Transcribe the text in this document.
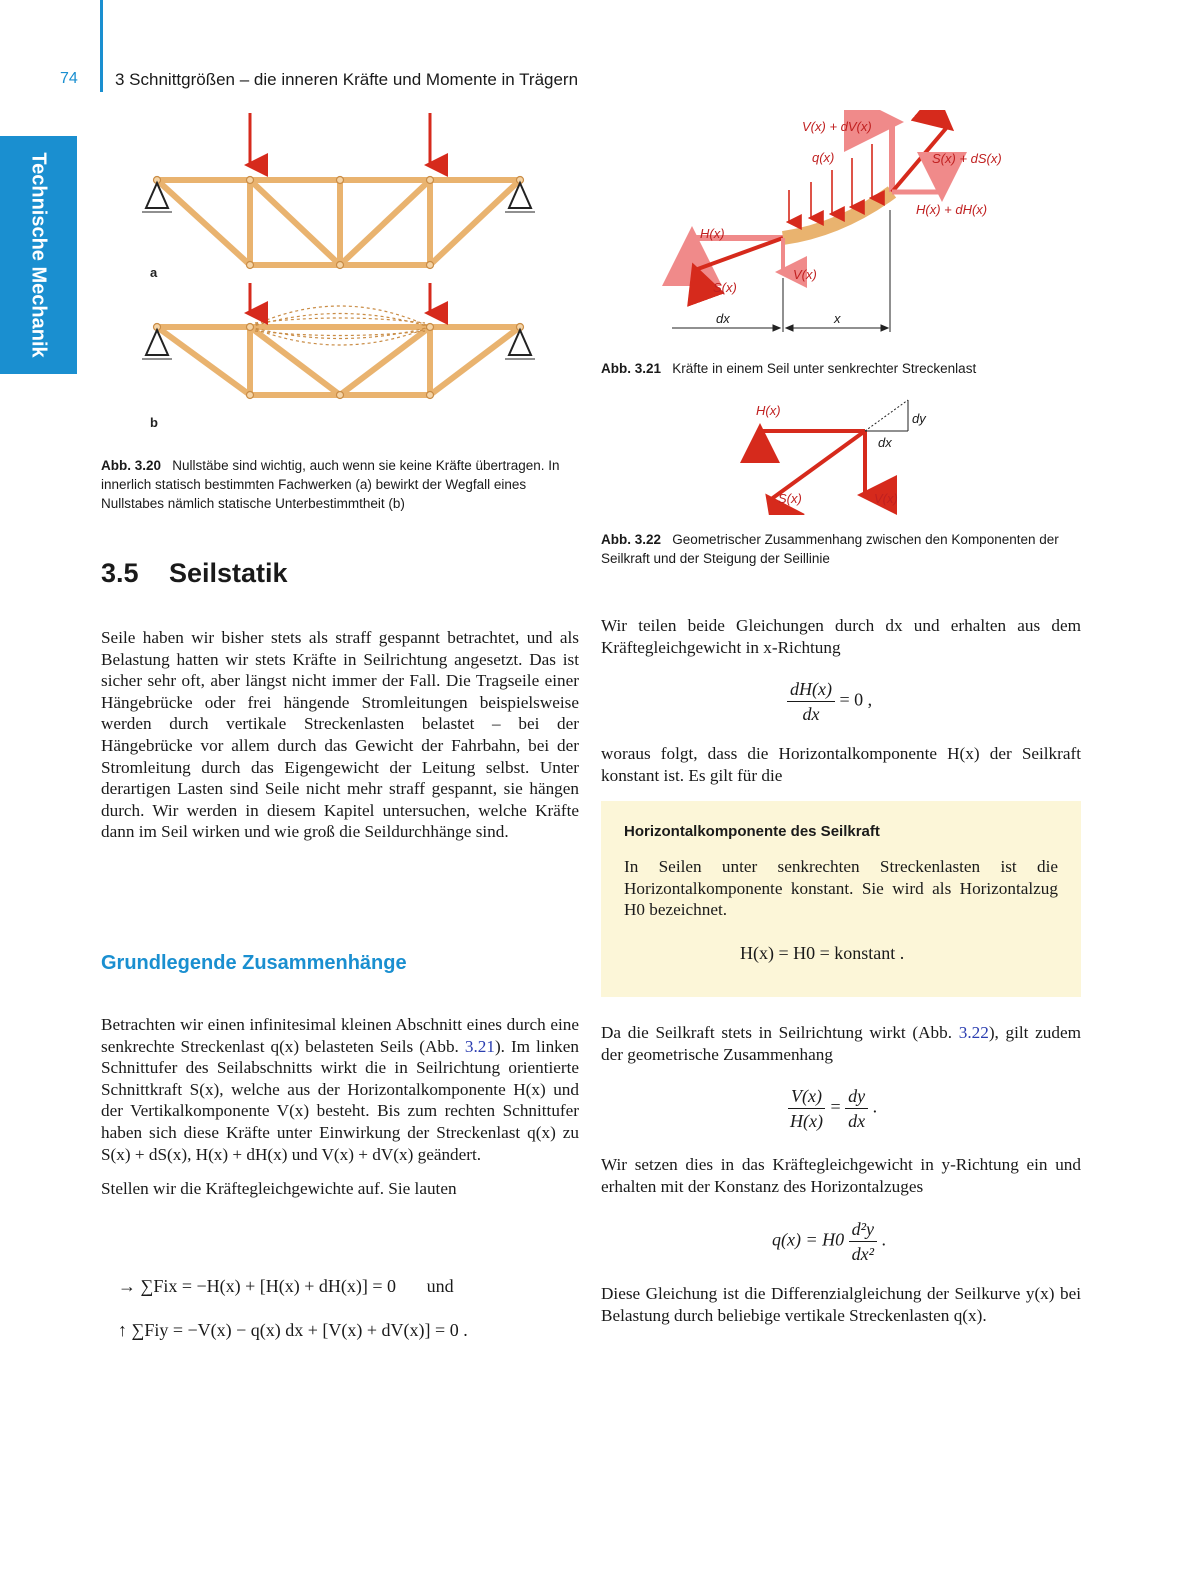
74 3 Schnittgrößen – die inneren Kräfte und Momente in Trägern
Technische Mechanik	a
b
Abb. 3.20 Nullstäbe sind wichtig, auch wenn sie keine Kräfte übertragen. In innerlich statisch bestimmten Fachwerken (a) bewirkt der Wegfall eines Nullstabes nämlich statische Unterbestimmtheit (b)
V(x) + dV(x)
q(x)	S(x) + dS(x)
H(x) + dH(x)
H(x)
V(x)
S(x)
dx	x
Abb. 3.21 Kräfte in einem Seil unter senkrechter Streckenlast
H(x)
S(x)	V(x)
dx
dy
Abb. 3.22 Geometrischer Zusammenhang zwischen den Komponenten der Seilkraft und der Steigung der Seillinie
3.5 Seilstatik

Seile haben wir bisher stets als straff gespannt betrachtet, und als Belastung hatten wir stets Kräfte in Seilrichtung angesetzt. Das ist sicher sehr oft, aber längst nicht immer der Fall. Die Tragseile einer Hängebrücke oder frei hängende Stromleitungen beispielsweise werden durch vertikale Streckenlasten belastet – bei der Hängebrücke vor allem durch das Gewicht der Fahrbahn, bei der Stromleitung durch das Eigengewicht der Leitung selbst. Unter derartigen Lasten sind Seile nicht mehr straff gespannt, sie hängen durch. Wir werden in diesem Kapitel untersuchen, welche Kräfte dann im Seil wirken und wie groß die Seildurchhänge sind.

Grundlegende Zusammenhänge

Betrachten wir einen infinitesimal kleinen Abschnitt eines durch eine senkrechte Streckenlast q(x) belasteten Seils (Abb. 3.21). Im linken Schnittufer des Seilabschnitts wirkt die in Seilrichtung orientierte Schnittkraft S(x), welche aus der Horizontalkomponente H(x) und der Vertikalkomponente V(x) besteht. Bis zum rechten Schnittufer haben sich diese Kräfte unter Einwirkung der Streckenlast q(x) zu S(x) + dS(x), H(x) + dH(x) und V(x) + dV(x) geändert.

Stellen wir die Kräftegleichgewichte auf. Sie lauten

→ ∑Fix = −H(x) + [H(x) + dH(x)] = 0 und
↑ ∑Fiy = −V(x) − q(x) dx + [V(x) + dV(x)] = 0 .
Wir teilen beide Gleichungen durch dx und erhalten aus dem Kräftegleichgewicht in x-Richtung
$\frac{dH(x)}{dx} = 0$ ,
woraus folgt, dass die Horizontalkomponente H(x) der Seilkraft konstant ist. Es gilt für die
Horizontalkomponente des Seilkraft
In Seilen unter senkrechten Streckenlasten ist die Horizontalkomponente konstant. Sie wird als Horizontalzug H0 bezeichnet.
H(x) = H0 = konstant .
Da die Seilkraft stets in Seilrichtung wirkt (Abb. 3.22), gilt zudem der geometrische Zusammenhang
$\frac{V(x)}{H(x)} = \frac{dy}{dx}$ .
Wir setzen dies in das Kräftegleichgewicht in y-Richtung ein und erhalten mit der Konstanz des Horizontalzuges
$q(x) = H0 \frac{\text{d²y}}{\text{dx²}}$ .
Diese Gleichung ist die Differenzialgleichung der Seilkurve y(x) bei Belastung durch beliebige vertikale Streckenlasten q(x).
